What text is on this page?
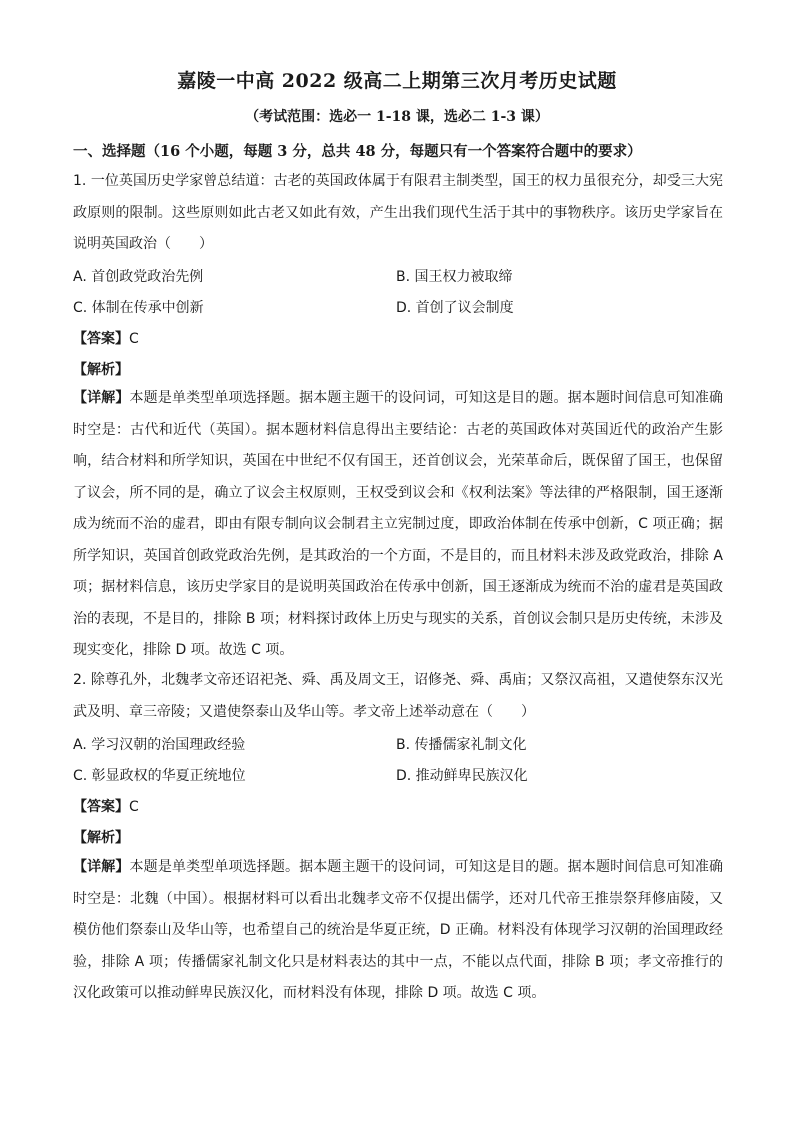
嘉陵一中高 2022 级高二上期第三次月考历史试题
（考试范围：选必一 1-18 课，选必二 1-3 课）
一、选择题（16 个小题，每题 3 分，总共 48 分，每题只有一个答案符合题中的要求）
1. 一位英国历史学家曾总结道：古老的英国政体属于有限君主制类型，国王的权力虽很充分，却受三大宪政原则的限制。这些原则如此古老又如此有效，产生出我们现代生活于其中的事物秩序。该历史学家旨在说明英国政治（　　）
A. 首创政党政治先例	B. 国王权力被取缔
C. 体制在传承中创新	D. 首创了议会制度
【答案】C
【解析】
【详解】本题是单类型单项选择题。据本题主题干的设问词，可知这是目的题。据本题时间信息可知准确时空是：古代和近代（英国）。据本题材料信息得出主要结论：古老的英国政体对英国近代的政治产生影响，结合材料和所学知识，英国在中世纪不仅有国王，还首创议会，光荣革命后，既保留了国王，也保留了议会，所不同的是，确立了议会主权原则，王权受到议会和《权利法案》等法律的严格限制，国王逐渐成为统而不治的虚君，即由有限专制向议会制君主立宪制过度，即政治体制在传承中创新，C 项正确；据所学知识，英国首创政党政治先例，是其政治的一个方面，不是目的，而且材料未涉及政党政治，排除 A 项；据材料信息，该历史学家目的是说明英国政治在传承中创新，国王逐渐成为统而不治的虚君是英国政治的表现，不是目的，排除 B 项；材料探讨政体上历史与现实的关系，首创议会制只是历史传统，未涉及现实变化，排除 D 项。故选 C 项。
2. 除尊孔外，北魏孝文帝还诏祀尧、舜、禹及周文王，诏修尧、舜、禹庙；又祭汉高祖，又遣使祭东汉光武及明、章三帝陵；又遣使祭泰山及华山等。孝文帝上述举动意在（　　）
A. 学习汉朝的治国理政经验	B. 传播儒家礼制文化
C. 彰显政权的华夏正统地位	D. 推动鲜卑民族汉化
【答案】C
【解析】
【详解】本题是单类型单项选择题。据本题主题干的设问词，可知这是目的题。据本题时间信息可知准确时空是：北魏（中国）。根据材料可以看出北魏孝文帝不仅提出儒学，还对几代帝王推崇祭拜修庙陵，又模仿他们祭泰山及华山等，也希望自己的统治是华夏正统，D 正确。材料没有体现学习汉朝的治国理政经验，排除 A 项；传播儒家礼制文化只是材料表达的其中一点，不能以点代面，排除 B 项；孝文帝推行的汉化政策可以推动鲜卑民族汉化，而材料没有体现，排除 D 项。故选 C 项。
